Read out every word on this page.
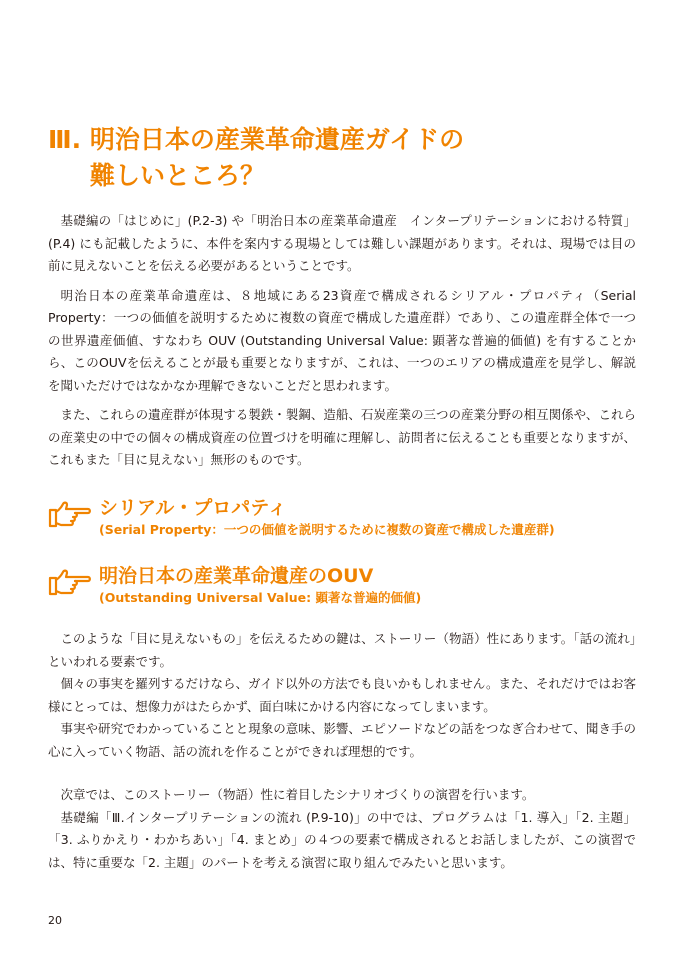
Ⅲ. 明治日本の産業革命遺産ガイドの
難しいところ？

基礎編の「はじめに」(P.2-3) や「明治日本の産業革命遺産　インタープリテーションにおける特質」(P.4) にも記載したように、本件を案内する現場としては難しい課題があります。それは、現場では目の前に見えないことを伝える必要があるということです。

明治日本の産業革命遺産は、８地域にある23資産で構成されるシリアル・プロパティ（Serial Property：一つの価値を説明するために複数の資産で構成した遺産群）であり、この遺産群全体で一つの世界遺産価値、すなわち OUV (Outstanding Universal Value: 顕著な普遍的価値) を有することから、このOUVを伝えることが最も重要となりますが、これは、一つのエリアの構成遺産を見学し、解説を聞いただけではなかなか理解できないことだと思われます。

また、これらの遺産群が体現する製鉄・製鋼、造船、石炭産業の三つの産業分野の相互関係や、これらの産業史の中での個々の構成資産の位置づけを明確に理解し、訪問者に伝えることも重要となりますが、これもまた「目に見えない」無形のものです。

シリアル・プロパティ
(Serial Property：一つの価値を説明するために複数の資産で構成した遺産群)
明治日本の産業革命遺産のOUV
(Outstanding Universal Value: 顕著な普遍的価値)

このような「目に見えないもの」を伝えるための鍵は、ストーリー（物語）性にあります。「話の流れ」といわれる要素です。

個々の事実を羅列するだけなら、ガイド以外の方法でも良いかもしれません。また、それだけではお客様にとっては、想像力がはたらかず、面白味にかける内容になってしまいます。

事実や研究でわかっていることと現象の意味、影響、エピソードなどの話をつなぎ合わせて、聞き手の心に入っていく物語、話の流れを作ることができれば理想的です。

次章では、このストーリー（物語）性に着目したシナリオづくりの演習を行います。

基礎編「Ⅲ.インタープリテーションの流れ (P.9-10)」の中では、プログラムは「1. 導入」「2. 主題」「3. ふりかえり・わかちあい」「4. まとめ」の４つの要素で構成されるとお話しましたが、この演習では、特に重要な「2. 主題」のパートを考える演習に取り組んでみたいと思います。

20
